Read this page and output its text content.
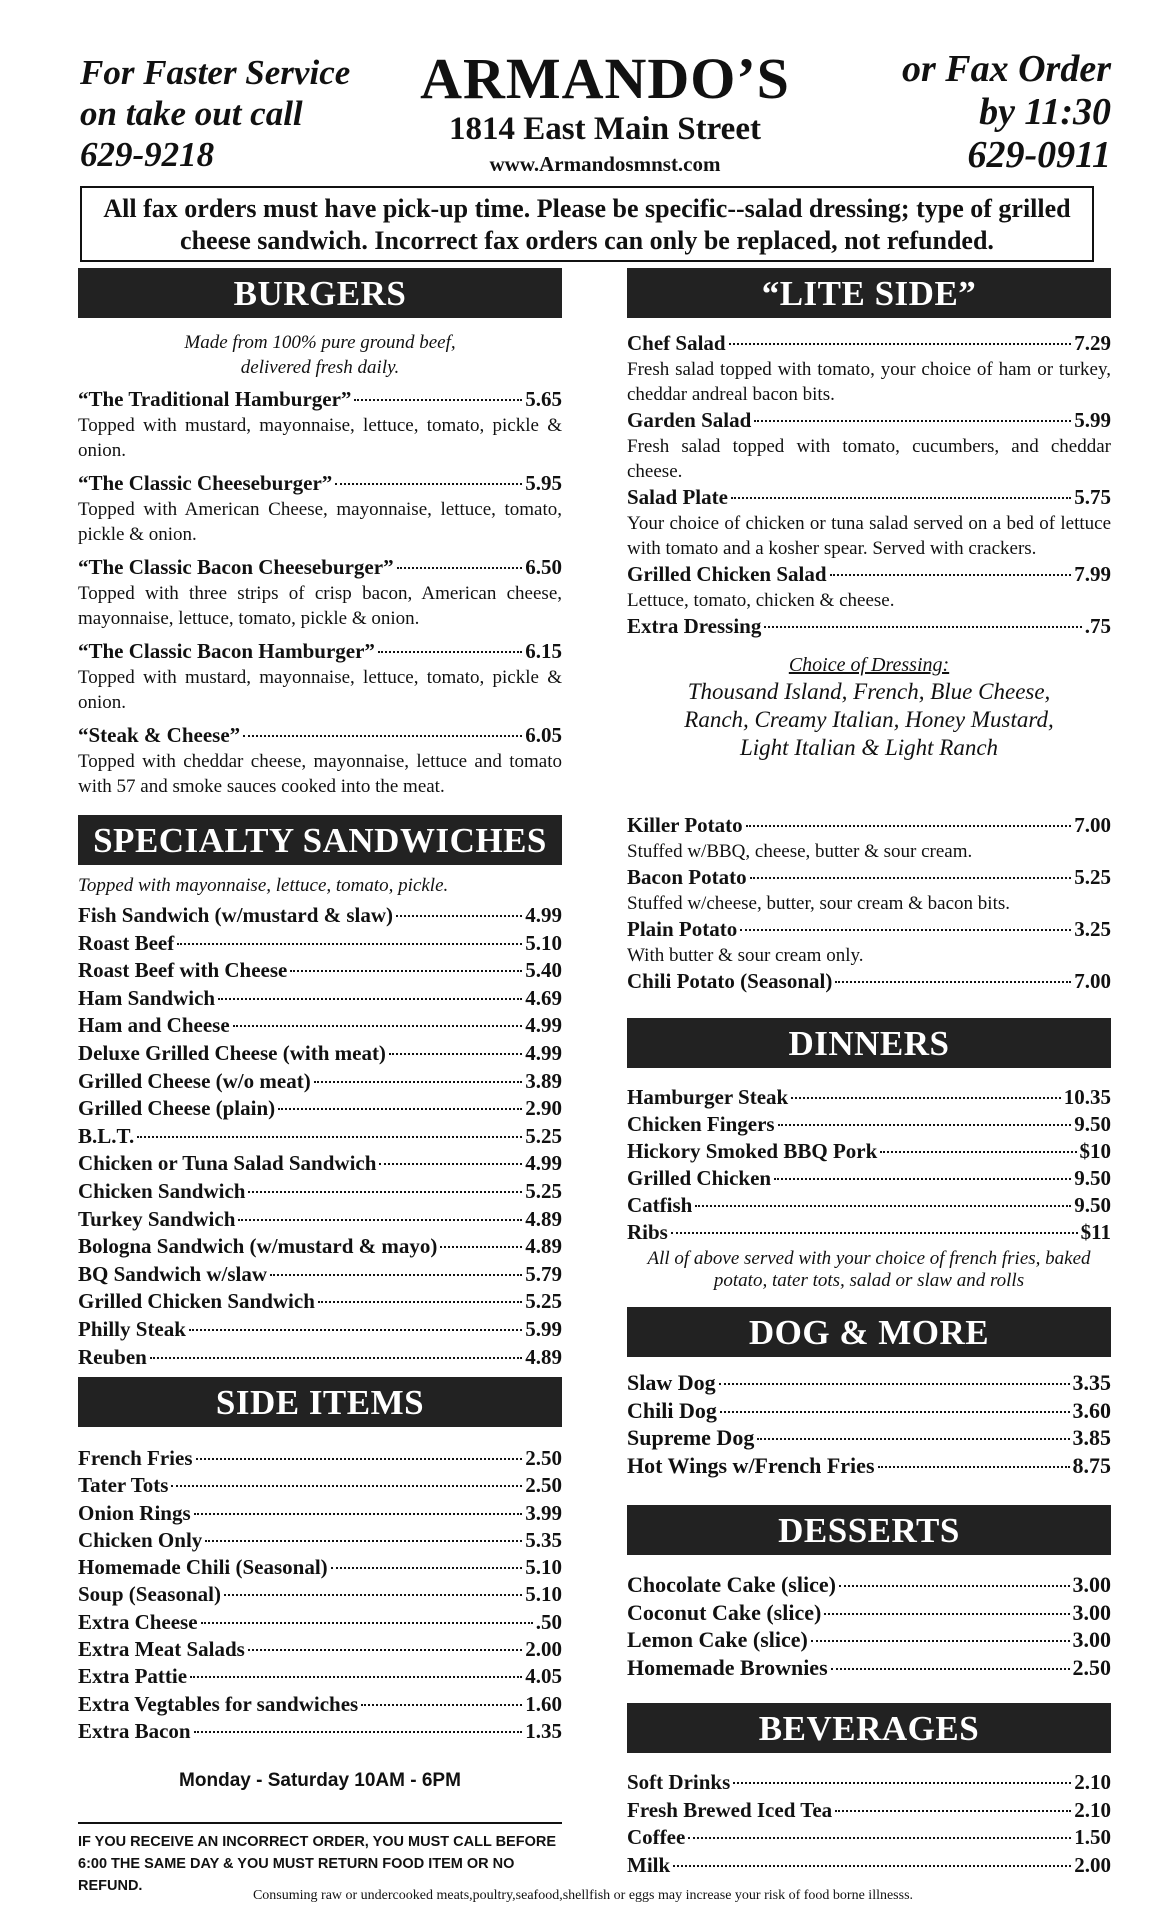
For Faster Service
on take out call
629-9218
ARMANDO’S
1814 East Main Street
www.Armandosmnst.com
or Fax Order
by 11:30
629-0911
All fax orders must have pick-up time. Please be specific--salad dressing; type of grilled cheese sandwich. Incorrect fax orders can only be replaced, not refunded.
BURGERS
Made from 100% pure ground beef,
delivered fresh daily.
“The Traditional Hamburger”	5.65
Topped with mustard, mayonnaise, lettuce, tomato, pickle & onion.
“The Classic Cheeseburger”	5.95
Topped with American Cheese, mayonnaise, lettuce, tomato, pickle & onion.
“The Classic Bacon Cheeseburger”	6.50
Topped with three strips of crisp bacon, American cheese, mayonnaise, lettuce, tomato, pickle & onion.
“The Classic Bacon Hamburger”	6.15
Topped with mustard, mayonnaise, lettuce, tomato, pickle & onion.
“Steak & Cheese”	6.05
Topped with cheddar cheese, mayonnaise, lettuce and tomato with 57 and smoke sauces cooked into the meat.
SPECIALTY SANDWICHES
Topped with mayonnaise, lettuce, tomato, pickle.
Fish Sandwich (w/mustard & slaw)	4.99
Roast Beef	5.10
Roast Beef with Cheese	5.40
Ham Sandwich	4.69
Ham and Cheese	4.99
Deluxe Grilled Cheese (with meat)	4.99
Grilled Cheese (w/o meat)	3.89
Grilled Cheese (plain)	2.90
B.L.T.	5.25
Chicken or Tuna Salad Sandwich	4.99
Chicken Sandwich	5.25
Turkey Sandwich	4.89
Bologna Sandwich (w/mustard & mayo)	4.89
BQ Sandwich w/slaw	5.79
Grilled Chicken Sandwich	5.25
Philly Steak	5.99
Reuben	4.89
SIDE ITEMS
French Fries	2.50
Tater Tots	2.50
Onion Rings	3.99
Chicken Only	5.35
Homemade Chili (Seasonal)	5.10
Soup (Seasonal)	5.10
Extra Cheese	.50
Extra Meat Salads	2.00
Extra Pattie	4.05
Extra Vegtables for sandwiches	1.60
Extra Bacon	1.35
Monday - Saturday 10AM - 6PM
IF YOU RECEIVE AN INCORRECT ORDER, YOU MUST CALL BEFORE
6:00 THE SAME DAY & YOU MUST RETURN FOOD ITEM OR NO REFUND.
“LITE SIDE”
Chef Salad	7.29
Fresh salad topped with tomato, your choice of ham or turkey, cheddar andreal bacon bits.
Garden Salad	5.99
Fresh salad topped with tomato, cucumbers, and cheddar cheese.
Salad Plate	5.75
Your choice of chicken or tuna salad served on a bed of lettuce with tomato and a kosher spear. Served with crackers.
Grilled Chicken Salad	7.99
Lettuce, tomato, chicken & cheese.
Extra Dressing	.75
Choice of Dressing:
Thousand Island, French, Blue Cheese,
Ranch, Creamy Italian, Honey Mustard,
Light Italian & Light Ranch
Killer Potato	7.00
Stuffed w/BBQ, cheese, butter & sour cream.
Bacon Potato	5.25
Stuffed w/cheese, butter, sour cream & bacon bits.
Plain Potato	3.25
With butter & sour cream only.
Chili Potato (Seasonal)	7.00
DINNERS
Hamburger Steak	10.35
Chicken Fingers	9.50
Hickory Smoked BBQ Pork	$10
Grilled Chicken	9.50
Catfish	9.50
Ribs	$11
All of above served with your choice of french fries, baked potato, tater tots, salad or slaw and rolls
DOG & MORE
Slaw Dog	3.35
Chili Dog	3.60
Supreme Dog	3.85
Hot Wings w/French Fries	8.75
DESSERTS
Chocolate Cake (slice)	3.00
Coconut Cake (slice)	3.00
Lemon Cake (slice)	3.00
Homemade Brownies	2.50
BEVERAGES
Soft Drinks	2.10
Fresh Brewed Iced Tea	2.10
Coffee	1.50
Milk	2.00
Consuming raw or undercooked meats,poultry,seafood,shellfish or eggs may increase your risk of food borne illnesss.
